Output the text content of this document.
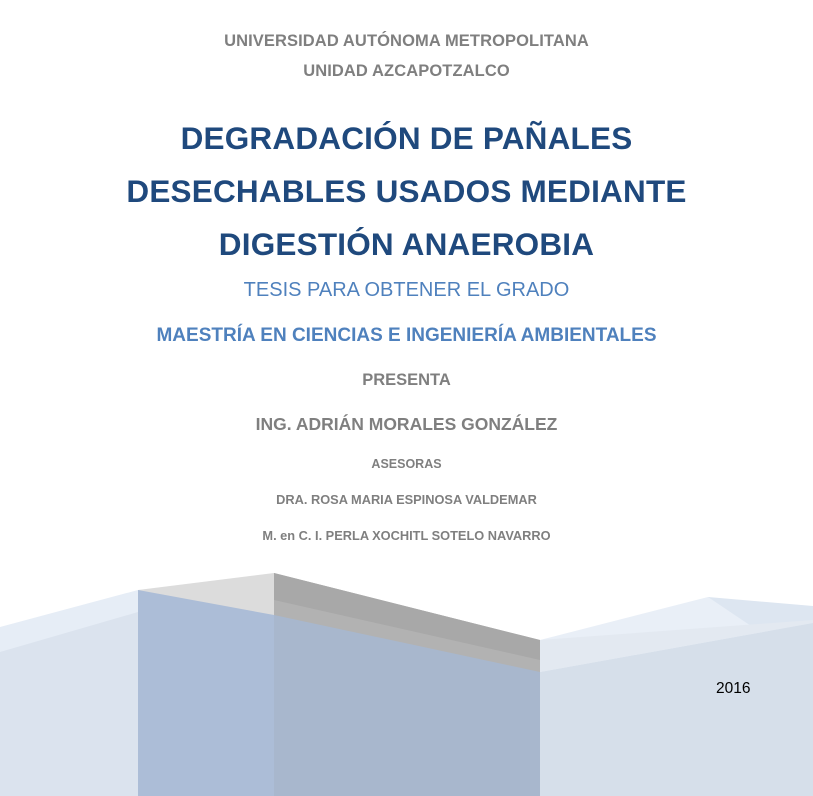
UNIVERSIDAD AUTÓNOMA METROPOLITANA
UNIDAD AZCAPOTZALCO
DEGRADACIÓN DE PAÑALES
DESECHABLES USADOS MEDIANTE
DIGESTIÓN ANAEROBIA
TESIS PARA OBTENER EL GRADO
MAESTRÍA EN CIENCIAS E INGENIERÍA AMBIENTALES
PRESENTA
ING. ADRIÁN MORALES GONZÁLEZ
ASESORAS
DRA. ROSA MARIA ESPINOSA VALDEMAR
M. en C. I. PERLA XOCHITL SOTELO NAVARRO
2016
